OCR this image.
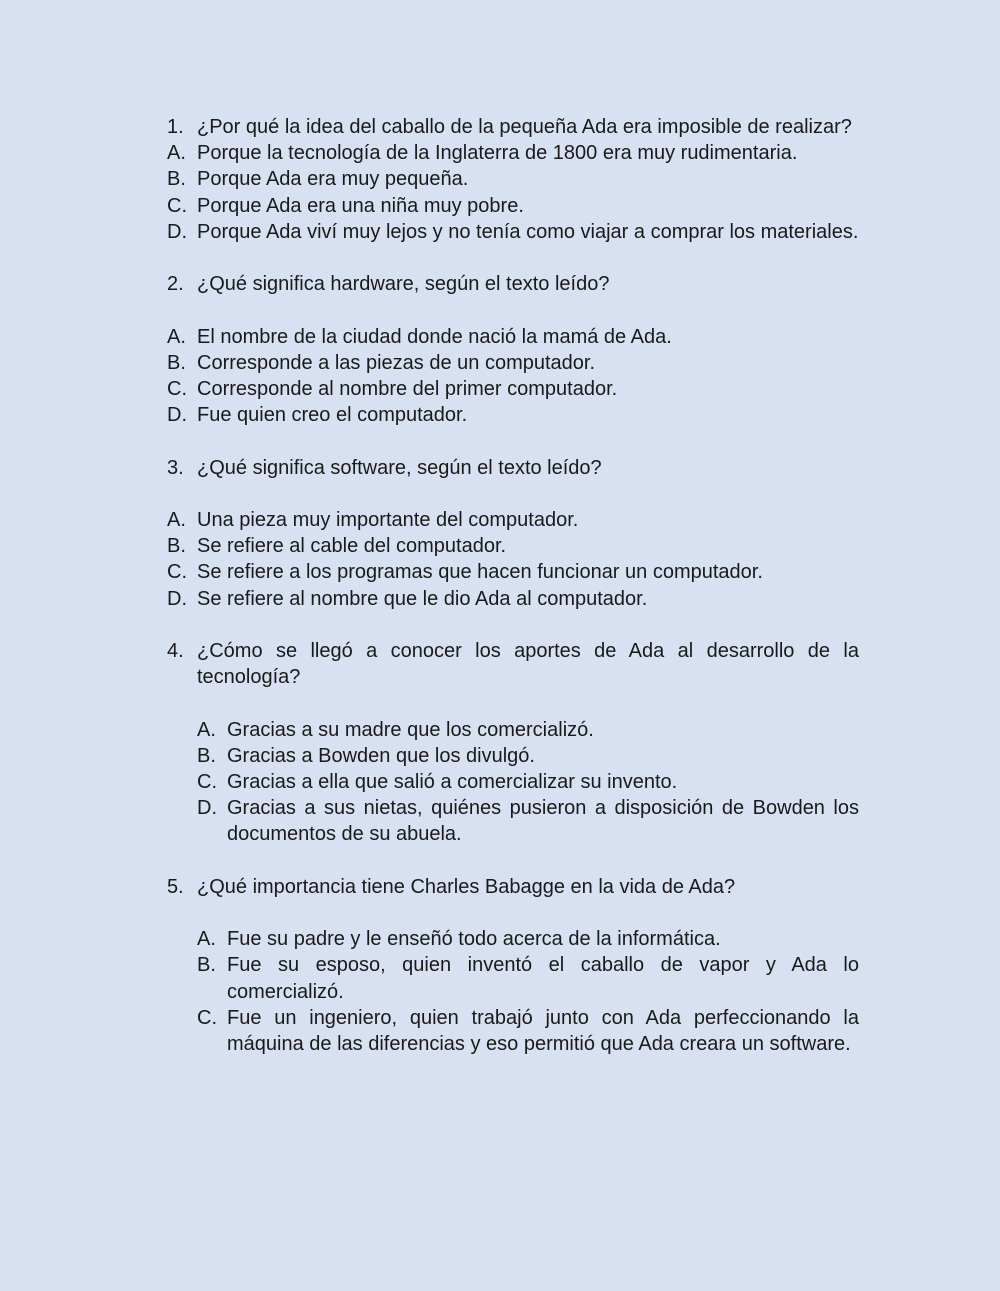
1. ¿Por qué la idea del caballo de la pequeña Ada era imposible de realizar?
A. Porque la tecnología de la Inglaterra de 1800 era muy rudimentaria.
B. Porque Ada era muy pequeña.
C. Porque Ada era una niña muy pobre.
D. Porque Ada viví muy lejos y no tenía como viajar a comprar los materiales.
2. ¿Qué significa hardware, según el texto leído?
A. El nombre de la ciudad donde nació la mamá de Ada.
B. Corresponde a las piezas de un computador.
C. Corresponde al nombre del primer computador.
D. Fue quien creo el computador.
3. ¿Qué significa software, según el texto leído?
A. Una pieza muy importante del computador.
B. Se refiere al cable del computador.
C. Se refiere a los programas que hacen funcionar un computador.
D. Se refiere al nombre que le dio Ada al computador.
4. ¿Cómo se llegó a conocer los aportes de Ada al desarrollo de la tecnología?
A. Gracias a su madre que los comercializó.
B. Gracias a Bowden que los divulgó.
C. Gracias a ella que salió a comercializar su invento.
D. Gracias a sus nietas, quiénes pusieron a disposición de Bowden los documentos de su abuela.
5. ¿Qué importancia tiene Charles Babagge en la vida de Ada?
A. Fue su padre y le enseñó todo acerca de la informática.
B. Fue su esposo, quien inventó el caballo de vapor y Ada lo comercializó.
C. Fue un ingeniero, quien trabajó junto con Ada perfeccionando la máquina de las diferencias y eso permitió que Ada creara un software.
